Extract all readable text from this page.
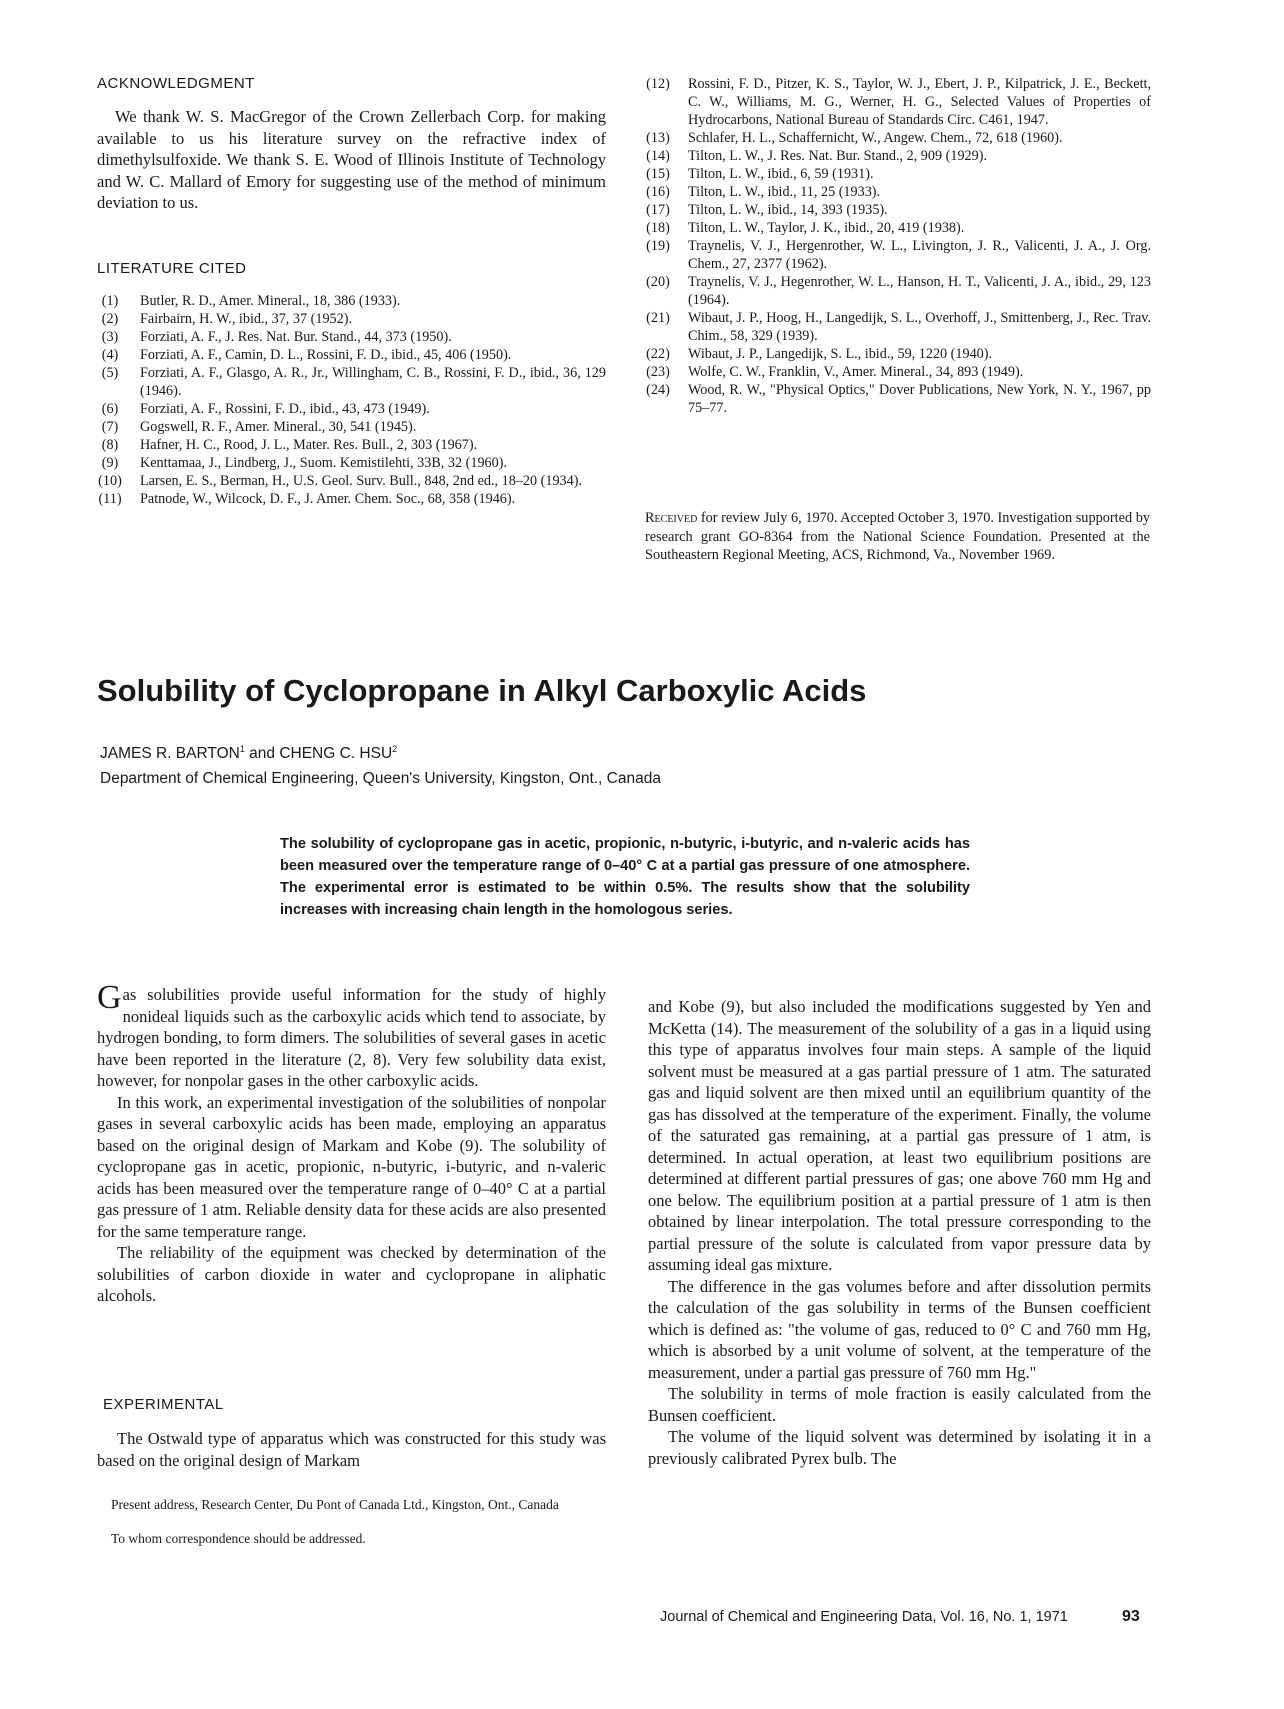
ACKNOWLEDGMENT

We thank W. S. MacGregor of the Crown Zellerbach Corp. for making available to us his literature survey on the refractive index of dimethylsulfoxide. We thank S. E. Wood of Illinois Institute of Technology and W. C. Mallard of Emory for suggesting use of the method of minimum deviation to us.

LITERATURE CITED
(1)	Butler, R. D., Amer. Mineral., 18, 386 (1933).
(2)	Fairbairn, H. W., ibid., 37, 37 (1952).
(3)	Forziati, A. F., J. Res. Nat. Bur. Stand., 44, 373 (1950).
(4)	Forziati, A. F., Camin, D. L., Rossini, F. D., ibid., 45, 406 (1950).
(5)	Forziati, A. F., Glasgo, A. R., Jr., Willingham, C. B., Rossini, F. D., ibid., 36, 129 (1946).
(6)	Forziati, A. F., Rossini, F. D., ibid., 43, 473 (1949).
(7)	Gogswell, R. F., Amer. Mineral., 30, 541 (1945).
(8)	Hafner, H. C., Rood, J. L., Mater. Res. Bull., 2, 303 (1967).
(9)	Kenttamaa, J., Lindberg, J., Suom. Kemistilehti, 33B, 32 (1960).
(10)	Larsen, E. S., Berman, H., U.S. Geol. Surv. Bull., 848, 2nd ed., 18–20 (1934).
(11)	Patnode, W., Wilcock, D. F., J. Amer. Chem. Soc., 68, 358 (1946).
(12)	Rossini, F. D., Pitzer, K. S., Taylor, W. J., Ebert, J. P., Kilpatrick, J. E., Beckett, C. W., Williams, M. G., Werner, H. G., Selected Values of Properties of Hydrocarbons, National Bureau of Standards Circ. C461, 1947.
(13)	Schlafer, H. L., Schaffernicht, W., Angew. Chem., 72, 618 (1960).
(14)	Tilton, L. W., J. Res. Nat. Bur. Stand., 2, 909 (1929).
(15)	Tilton, L. W., ibid., 6, 59 (1931).
(16)	Tilton, L. W., ibid., 11, 25 (1933).
(17)	Tilton, L. W., ibid., 14, 393 (1935).
(18)	Tilton, L. W., Taylor, J. K., ibid., 20, 419 (1938).
(19)	Traynelis, V. J., Hergenrother, W. L., Livington, J. R., Valicenti, J. A., J. Org. Chem., 27, 2377 (1962).
(20)	Traynelis, V. J., Hegenrother, W. L., Hanson, H. T., Valicenti, J. A., ibid., 29, 123 (1964).
(21)	Wibaut, J. P., Hoog, H., Langedijk, S. L., Overhoff, J., Smittenberg, J., Rec. Trav. Chim., 58, 329 (1939).
(22)	Wibaut, J. P., Langedijk, S. L., ibid., 59, 1220 (1940).
(23)	Wolfe, C. W., Franklin, V., Amer. Mineral., 34, 893 (1949).
(24)	Wood, R. W., "Physical Optics," Dover Publications, New York, N. Y., 1967, pp 75–77.

Received for review July 6, 1970. Accepted October 3, 1970. Investigation supported by research grant GO-8364 from the National Science Foundation. Presented at the Southeastern Regional Meeting, ACS, Richmond, Va., November 1969.

Solubility of Cyclopropane in Alkyl Carboxylic Acids
JAMES R. BARTON$^1$ and CHENG C. HSU$^2$
Department of Chemical Engineering, Queen's University, Kingston, Ont., Canada

The solubility of cyclopropane gas in acetic, propionic, n-butyric, i-butyric, and n-valeric acids has been measured over the temperature range of 0–40° C at a partial gas pressure of one atmosphere. The experimental error is estimated to be within 0.5%. The results show that the solubility increases with increasing chain length in the homologous series.

Gas solubilities provide useful information for the study of highly nonideal liquids such as the carboxylic acids which tend to associate, by hydrogen bonding, to form dimers. The solubilities of several gases in acetic have been reported in the literature (2, 8). Very few solubility data exist, however, for nonpolar gases in the other carboxylic acids.

In this work, an experimental investigation of the solubilities of nonpolar gases in several carboxylic acids has been made, employing an apparatus based on the original design of Markam and Kobe (9). The solubility of cyclopropane gas in acetic, propionic, n-butyric, i-butyric, and n-valeric acids has been measured over the temperature range of 0–40° C at a partial gas pressure of 1 atm. Reliable density data for these acids are also presented for the same temperature range.

The reliability of the equipment was checked by determination of the solubilities of carbon dioxide in water and cyclopropane in aliphatic alcohols.

EXPERIMENTAL

The Ostwald type of apparatus which was constructed for this study was based on the original design of Markam

Present address, Research Center, Du Pont of Canada Ltd., Kingston, Ont., Canada

To whom correspondence should be addressed.

and Kobe (9), but also included the modifications suggested by Yen and McKetta (14). The measurement of the solubility of a gas in a liquid using this type of apparatus involves four main steps. A sample of the liquid solvent must be measured at a gas partial pressure of 1 atm. The saturated gas and liquid solvent are then mixed until an equilibrium quantity of the gas has dissolved at the temperature of the experiment. Finally, the volume of the saturated gas remaining, at a partial gas pressure of 1 atm, is determined. In actual operation, at least two equilibrium positions are determined at different partial pressures of gas; one above 760 mm Hg and one below. The equilibrium position at a partial pressure of 1 atm is then obtained by linear interpolation. The total pressure corresponding to the partial pressure of the solute is calculated from vapor pressure data by assuming ideal gas mixture.

The difference in the gas volumes before and after dissolution permits the calculation of the gas solubility in terms of the Bunsen coefficient which is defined as: "the volume of gas, reduced to 0° C and 760 mm Hg, which is absorbed by a unit volume of solvent, at the temperature of the measurement, under a partial gas pressure of 760 mm Hg."

The solubility in terms of mole fraction is easily calculated from the Bunsen coefficient.

The volume of the liquid solvent was determined by isolating it in a previously calibrated Pyrex bulb. The

Journal of Chemical and Engineering Data, Vol. 16, No. 1, 1971	93
